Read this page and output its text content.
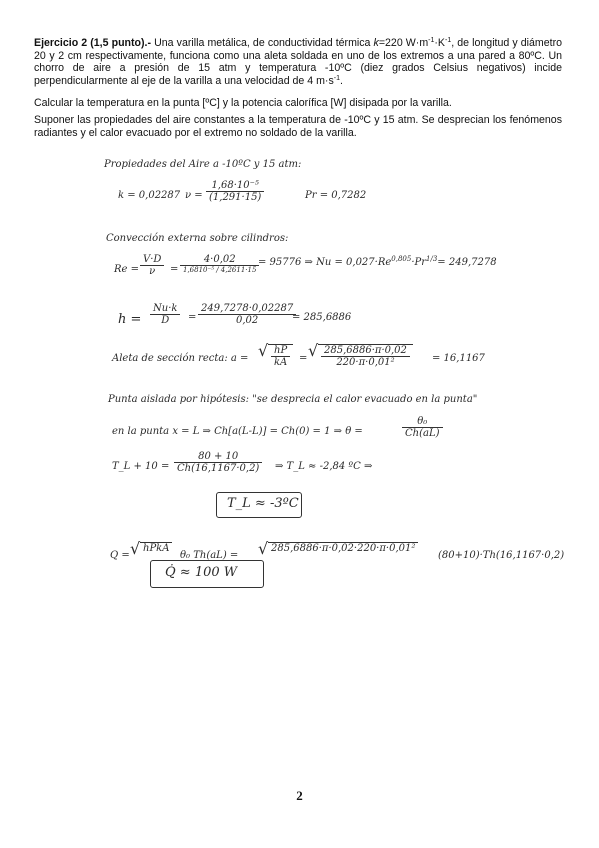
Ejercicio 2 (1,5 punto).- Una varilla metálica, de conductividad térmica k=220 $W\cdot m^{-1}\cdot K^{-1}$, de longitud y diámetro 20 y 2 cm respectivamente, funciona como una aleta soldada en uno de los extremos a una pared a 80ºC. Un chorro de aire a presión de 15 atm y temperatura -10ºC (diez grados Celsius negativos) incide perpendicularmente al eje de la varilla a una velocidad de 4 $m\cdot s^{-1}$.

Calcular la temperatura en la punta [ºC] y la potencia calorífica [W] disipada por la varilla.
Suponer las propiedades del aire constantes a la temperatura de -10ºC y 15 atm. Se desprecian los fenómenos radiantes y el calor evacuado por el extremo no soldado de la varilla.
Propiedades del Aire a -10ºC y 15 atm:
k = 0,02287 $\nu = \frac{\text{1,68·10⁻⁵}}{(1,291\cdot 15)}$	Pr = 0,7282
Convección externa sobre cilindros:
$Re = \frac{V\cdot D}{\nu}$ =
4·0,02
1,6810⁻⁵ / 4,2611·15
= 95776 ⇒ $Nu = 0,027\cdot Re^{0,805}\cdot Pr^{1/3}= 249,7278$
$h = \frac{Nu\cdot k}{D} = \frac{249,7278\cdot 0,02287}{0,02}$
= 285,6886
Aleta de sección recta: a =
√ hP
kA	=
√ 285,6886·π·0,02
220·π·0,01²	= 16,1167
Punta aislada por hipótesis: "se desprecia el calor evacuado en la punta"
en la punta x = L ⇒ Ch[a(L-L)] = Ch(0) = 1 ⇒ θ =	$\frac{\text{θ₀}}{Ch(aL)}$
T_L + $10 = \frac{80 + 10}{Ch(16,1167\cdot 0,2)}$ ⇒ T_L ≈ -2,84 ºC ⇒
T_L ≈ -3ºC
Q =
√ hPkA
θ₀ Th(aL) =
√ 285,6886·π·0,02·220·π·0,01²
(80+10)·Th(16,1167·0,2)
Q̇ ≈ 100 W
2
